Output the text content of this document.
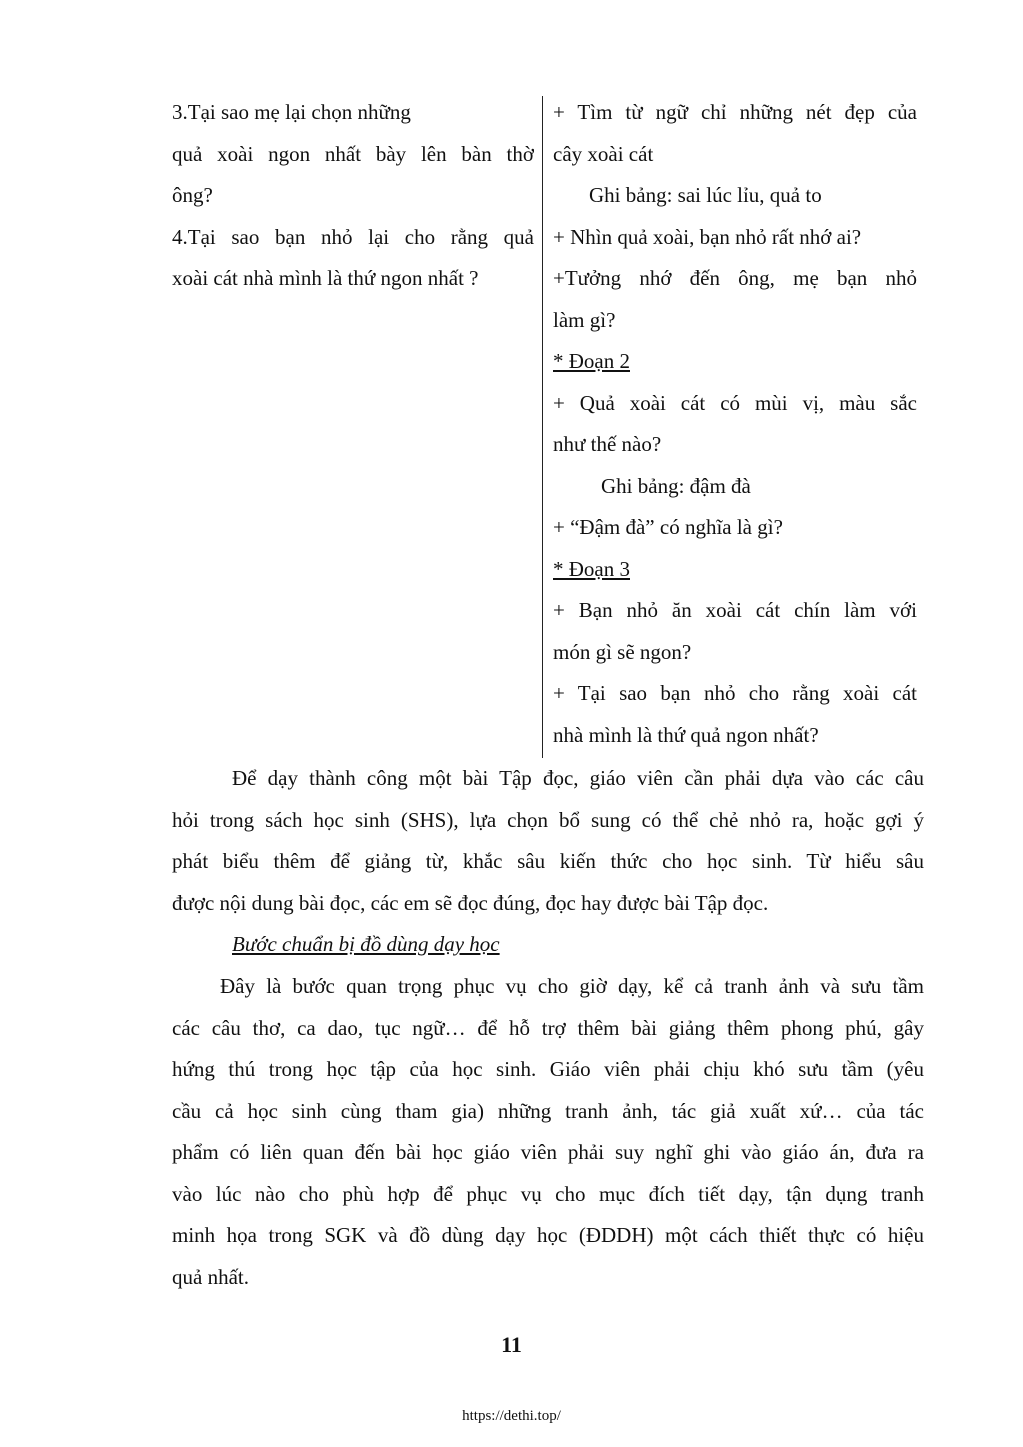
3.Tại sao mẹ lại chọn những
quả xoài ngon nhất bày lên bàn thờ
ông?
4.Tại sao bạn nhỏ lại cho rằng quả
xoài cát nhà mình là thứ ngon nhất ?
+ Tìm từ ngữ chỉ những nét đẹp của
cây xoài cát
Ghi bảng: sai lúc lỉu, quả to
+ Nhìn quả xoài, bạn nhỏ rất nhớ ai?
+Tưởng nhớ đến ông, mẹ bạn nhỏ
làm gì?
* Đoạn 2
+ Quả xoài cát có mùi vị, màu sắc
như thế nào?
Ghi bảng: đậm đà
+ “Đậm đà” có nghĩa là gì?
* Đoạn 3
+ Bạn nhỏ ăn xoài cát chín làm với
món gì sẽ ngon?
+ Tại sao bạn nhỏ cho rằng xoài cát
nhà mình là thứ quả ngon nhất?
Để dạy thành công một bài Tập đọc, giáo viên cần phải dựa vào các câu
hỏi trong sách học sinh (SHS), lựa chọn bổ sung có thể chẻ nhỏ ra, hoặc gợi ý
phát biểu thêm để giảng từ, khắc sâu kiến thức cho học sinh. Từ hiểu sâu
được nội dung bài đọc, các em sẽ đọc đúng, đọc hay được bài Tập đọc.
Bước chuẩn bị đồ dùng dạy học
Đây là bước quan trọng phục vụ cho giờ dạy, kể cả tranh ảnh và sưu tầm
các câu thơ, ca dao, tục ngữ… để hỗ trợ thêm bài giảng thêm phong phú, gây
hứng thú trong học tập của học sinh. Giáo viên phải chịu khó sưu tầm (yêu
cầu cả học sinh cùng tham gia) những tranh ảnh, tác giả xuất xứ… của tác
phẩm có liên quan đến bài học giáo viên phải suy nghĩ ghi vào giáo án, đưa ra
vào lúc nào cho phù hợp để phục vụ cho mục đích tiết dạy, tận dụng tranh
minh họa trong SGK và đồ dùng dạy học (ĐDDH) một cách thiết thực có hiệu
quả nhất.
11
https://dethi.top/
